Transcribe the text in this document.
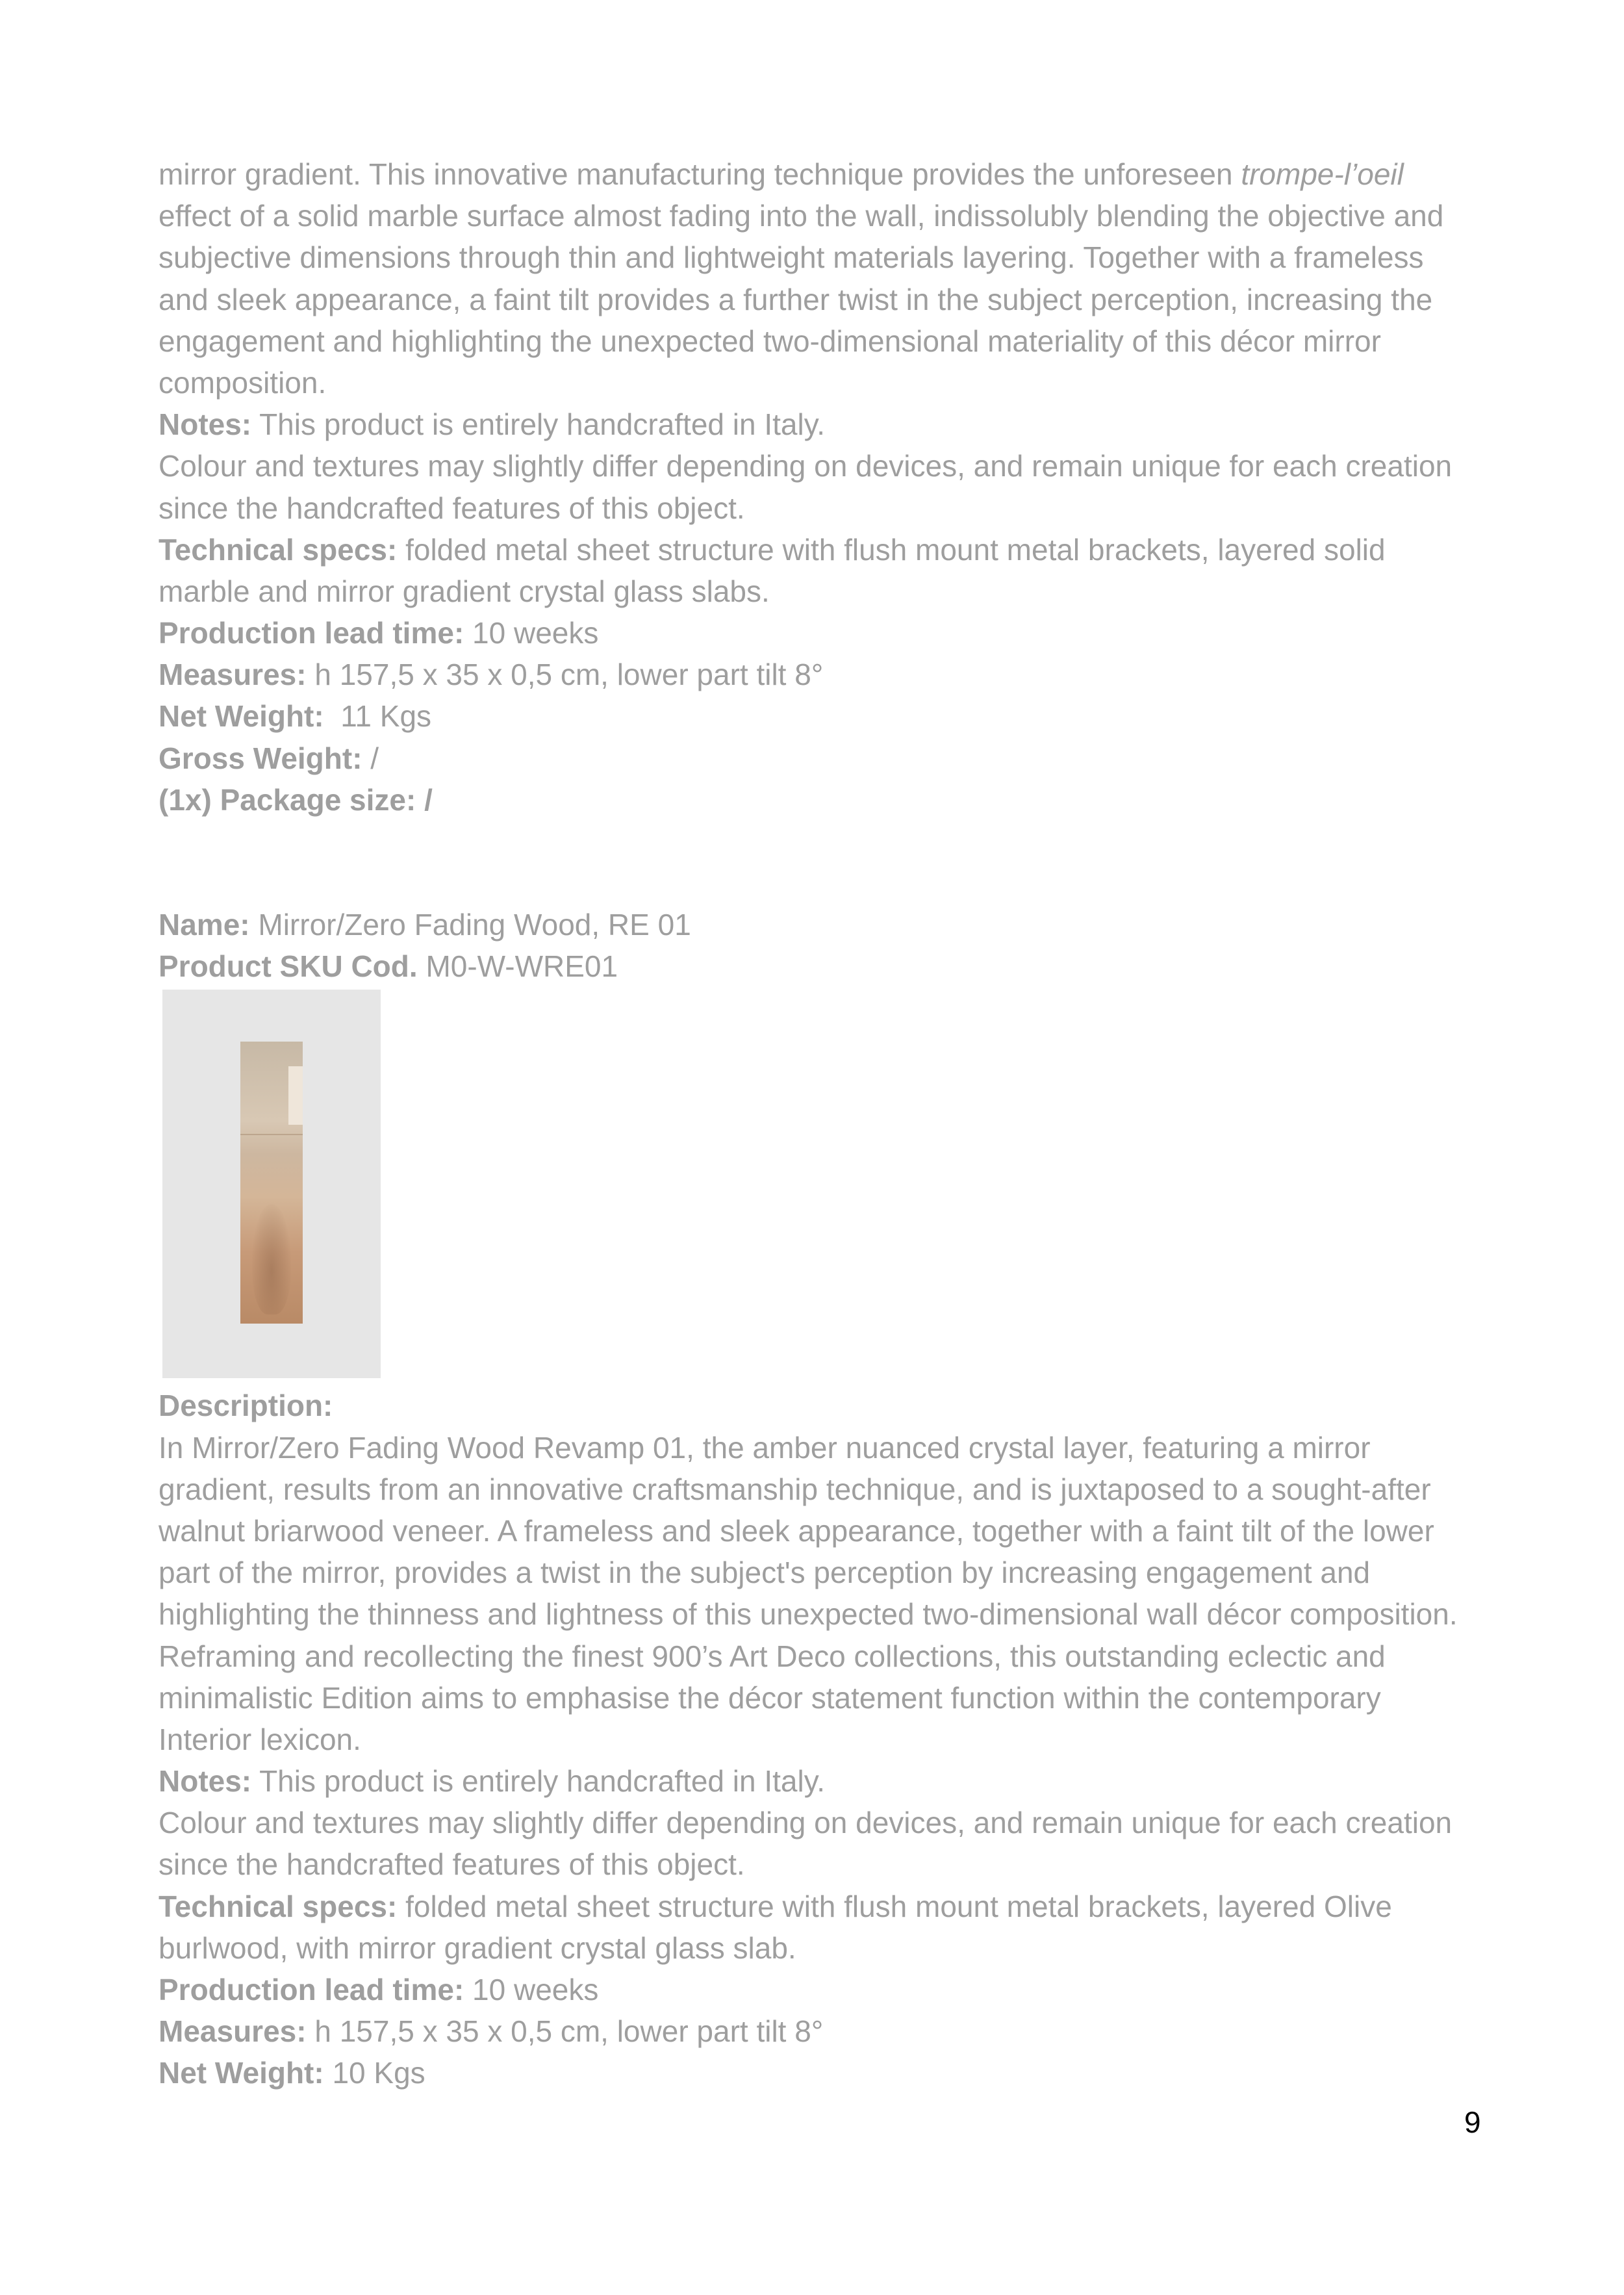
mirror gradient. This innovative manufacturing technique provides the unforeseen trompe-l’oeil
effect of a solid marble surface almost fading into the wall, indissolubly blending the objective and
subjective dimensions through thin and lightweight materials layering. Together with a frameless
and sleek appearance, a faint tilt provides a further twist in the subject perception, increasing the
engagement and highlighting the unexpected two-dimensional materiality of this décor mirror
composition.
Notes: This product is entirely handcrafted in Italy.
Colour and textures may slightly differ depending on devices, and remain unique for each creation
since the handcrafted features of this object.
Technical specs: folded metal sheet structure with flush mount metal brackets, layered solid
marble and mirror gradient crystal glass slabs.
Production lead time: 10 weeks
Measures: h 157,5 x 35 x 0,5 cm, lower part tilt 8°
Net Weight:  11 Kgs
Gross Weight: /
(1x) Package size: /
Name: Mirror/Zero Fading Wood, RE 01
Product SKU Cod. M0-W-WRE01
Description:
In Mirror/Zero Fading Wood Revamp 01, the amber nuanced crystal layer, featuring a mirror
gradient, results from an innovative craftsmanship technique, and is juxtaposed to a sought-after
walnut briarwood veneer. A frameless and sleek appearance, together with a faint tilt of the lower
part of the mirror, provides a twist in the subject's perception by increasing engagement and
highlighting the thinness and lightness of this unexpected two-dimensional wall décor composition.
Reframing and recollecting the finest 900’s Art Deco collections, this outstanding eclectic and
minimalistic Edition aims to emphasise the décor statement function within the contemporary
Interior lexicon.
Notes: This product is entirely handcrafted in Italy.
Colour and textures may slightly differ depending on devices, and remain unique for each creation
since the handcrafted features of this object.
Technical specs: folded metal sheet structure with flush mount metal brackets, layered Olive
burlwood, with mirror gradient crystal glass slab.
Production lead time: 10 weeks
Measures: h 157,5 x 35 x 0,5 cm, lower part tilt 8°
Net Weight: 10 Kgs
9
